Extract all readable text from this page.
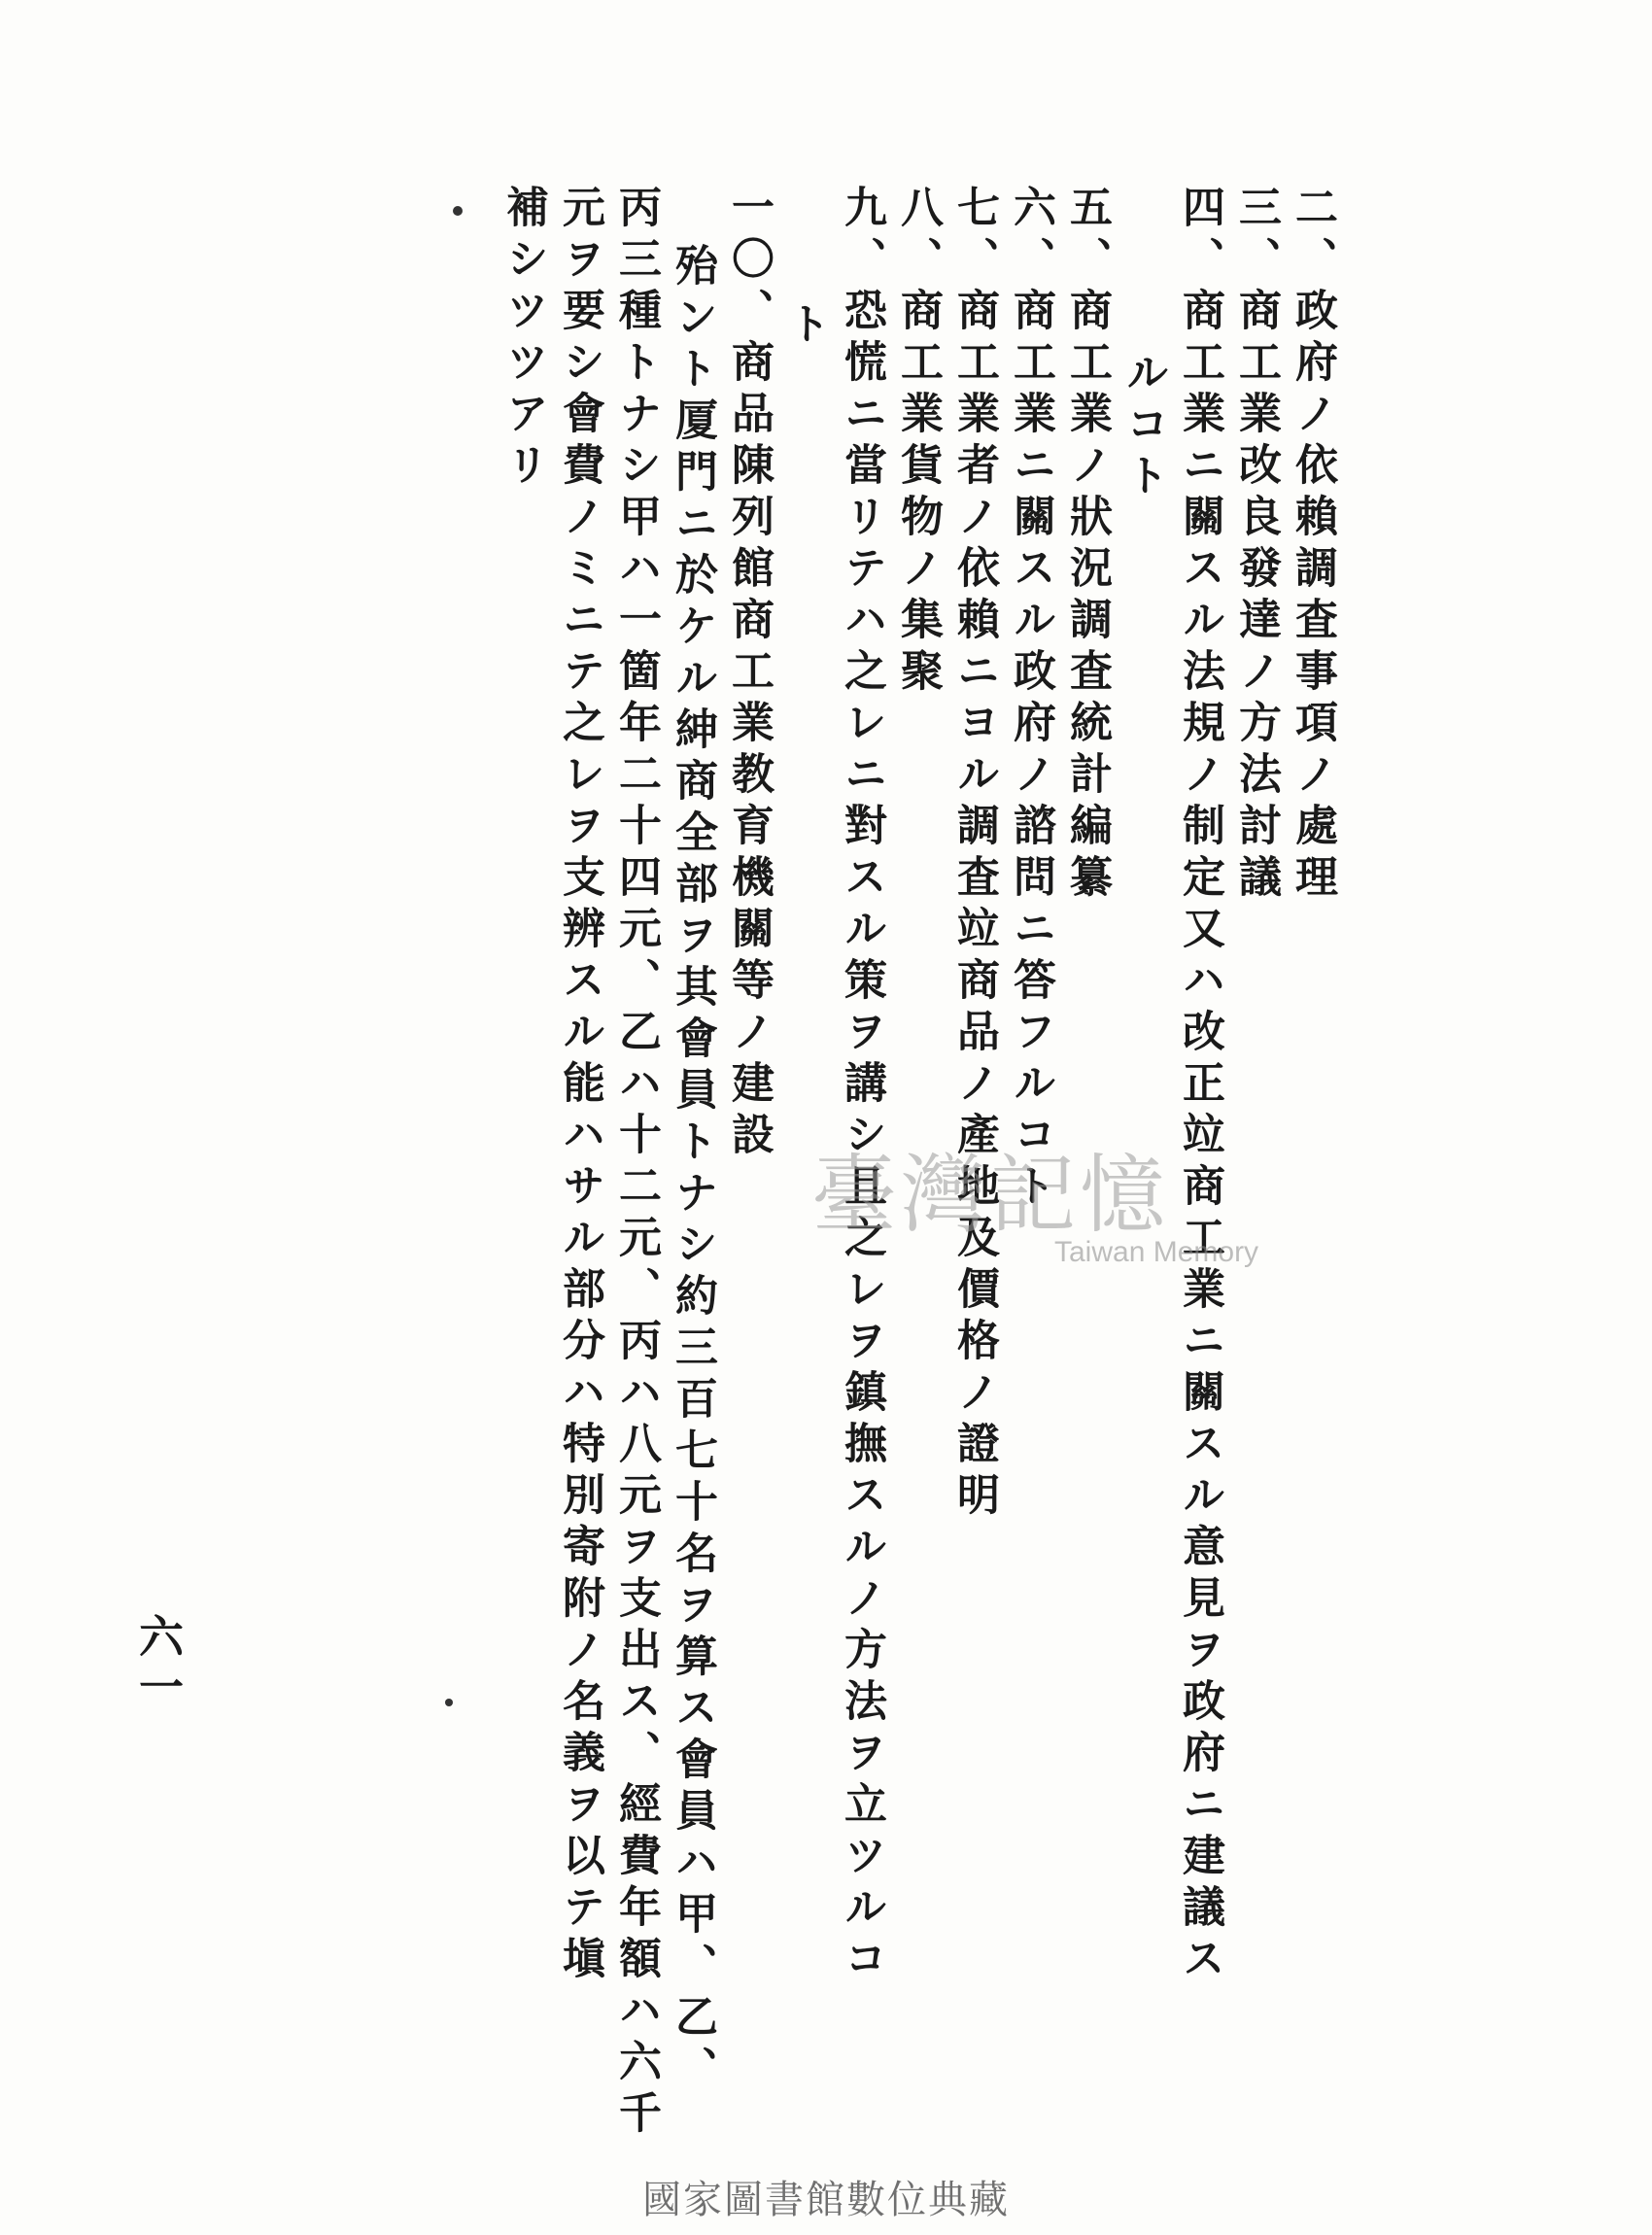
二、政府ノ依賴調査事項ノ處理
三、商工業改良發達ノ方法討議
四、商工業ニ關スル法規ノ制定又ハ改正竝商工業ニ關スル意見ヲ政府ニ建議ス
ルコト
五、商工業ノ狀況調査統計編纂
六、商工業ニ關スル政府ノ諮問ニ答フルコト
七、商工業者ノ依賴ニヨル調査竝商品ノ產地及價格ノ證明
八、商工業貨物ノ集聚
九、恐慌ニ當リテハ之レニ對スル策ヲ講シ且之レヲ鎮撫スルノ方法ヲ立ツルコ
ト
一〇、商品陳列館商工業教育機關等ノ建設
殆ント厦門ニ於ケル紳商全部ヲ其會員トナシ約三百七十名ヲ算ス會員ハ甲、乙、
丙三種トナシ甲ハ一箇年二十四元、乙ハ十二元、丙ハ八元ヲ支出ス、經費年額ハ六千
元ヲ要シ會費ノミニテ之レヲ支辨スル能ハサル部分ハ特別寄附ノ名義ヲ以テ塡
補シツツアリ
六一
臺灣記憶
Taiwan Memory
國家圖書館數位典藏
